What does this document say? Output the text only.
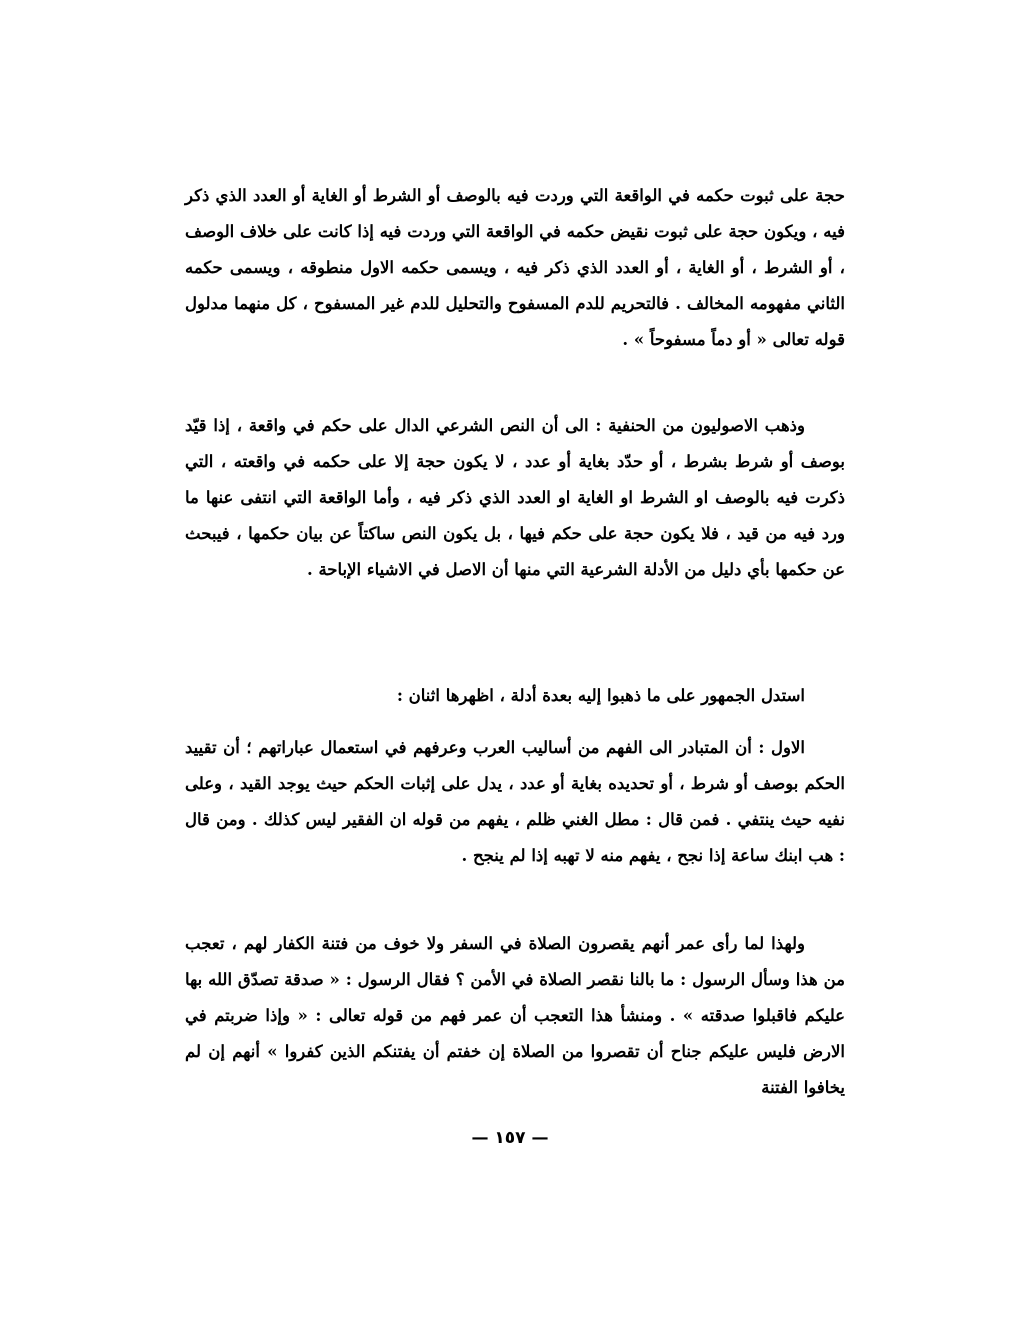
حجة على ثبوت حكمه في الواقعة التي وردت فيه بالوصف أو الشرط أو الغاية أو العدد الذي ذكر فيه ، ويكون حجة على ثبوت نقيض حكمه في الواقعة التي وردت فيه إذا كانت على خلاف الوصف ، أو الشرط ، أو الغاية ، أو العدد الذي ذكر فيه ، ويسمى حكمه الاول منطوقه ، ويسمى حكمه الثاني مفهومه المخالف . فالتحريم للدم المسفوح والتحليل للدم غير المسفوح ، كل منهما مدلول قوله تعالى « أو دماً مسفوحاً » .

وذهب الاصوليون من الحنفية : الى أن النص الشرعي الدال على حكم في واقعة ، إذا قيّد بوصف أو شرط بشرط ، أو حدّد بغاية أو عدد ، لا يكون حجة إلا على حكمه في واقعته ، التي ذكرت فيه بالوصف او الشرط او الغاية او العدد الذي ذكر فيه ، وأما الواقعة التي انتفى عنها ما ورد فيه من قيد ، فلا يكون حجة على حكم فيها ، بل يكون النص ساكتاً عن بيان حكمها ، فيبحث عن حكمها بأي دليل من الأدلة الشرعية التي منها أن الاصل في الاشياء الإباحة .

استدل الجمهور على ما ذهبوا إليه بعدة أدلة ، اظهرها اثنان :

الاول : أن المتبادر الى الفهم من أساليب العرب وعرفهم في استعمال عباراتهم ؛ أن تقييد الحكم بوصف أو شرط ، أو تحديده بغاية أو عدد ، يدل على إثبات الحكم حيث يوجد القيد ، وعلى نفيه حيث ينتفي . فمن قال : مطل الغني ظلم ، يفهم من قوله ان الفقير ليس كذلك . ومن قال : هب ابنك ساعة إذا نجح ، يفهم منه لا تهبه إذا لم ينجح .

ولهذا لما رأى عمر أنهم يقصرون الصلاة في السفر ولا خوف من فتنة الكفار لهم ، تعجب من هذا وسأل الرسول : ما بالنا نقصر الصلاة في الأمن ؟ فقال الرسول : « صدقة تصدّق الله بها عليكم فاقبلوا صدقته » . ومنشأ هذا التعجب أن عمر فهم من قوله تعالى : « وإذا ضربتم في الارض فليس عليكم جناح أن تقصروا من الصلاة إن خفتم أن يفتنكم الذين كفروا » أنهم إن لم يخافوا الفتنة

— ١٥٧ —
